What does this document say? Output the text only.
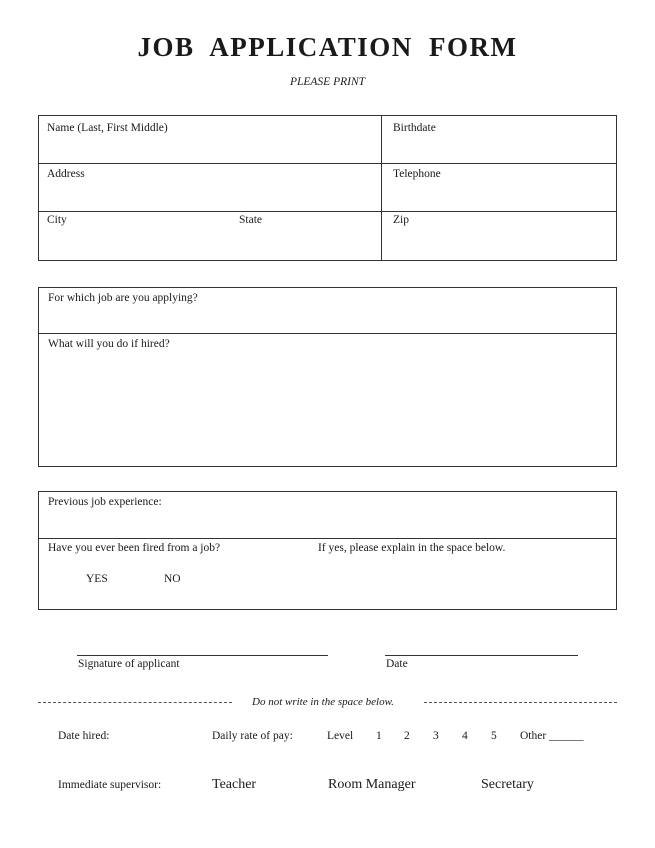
JOB APPLICATION FORM
PLEASE PRINT
Name (Last, First Middle)	Birthdate
Address	Telephone
City	State	Zip
For which job are you applying?
What will you do if hired?
Previous job experience:
Have you ever been fired from a job?	If yes, please explain in the space below.
YES	NO
Signature of applicant	Date
Do not write in the space below.
Date hired:	Daily rate of pay:	Level 1 2 3 4 5 Other ______
Immediate supervisor:	Teacher	Room Manager	Secretary
